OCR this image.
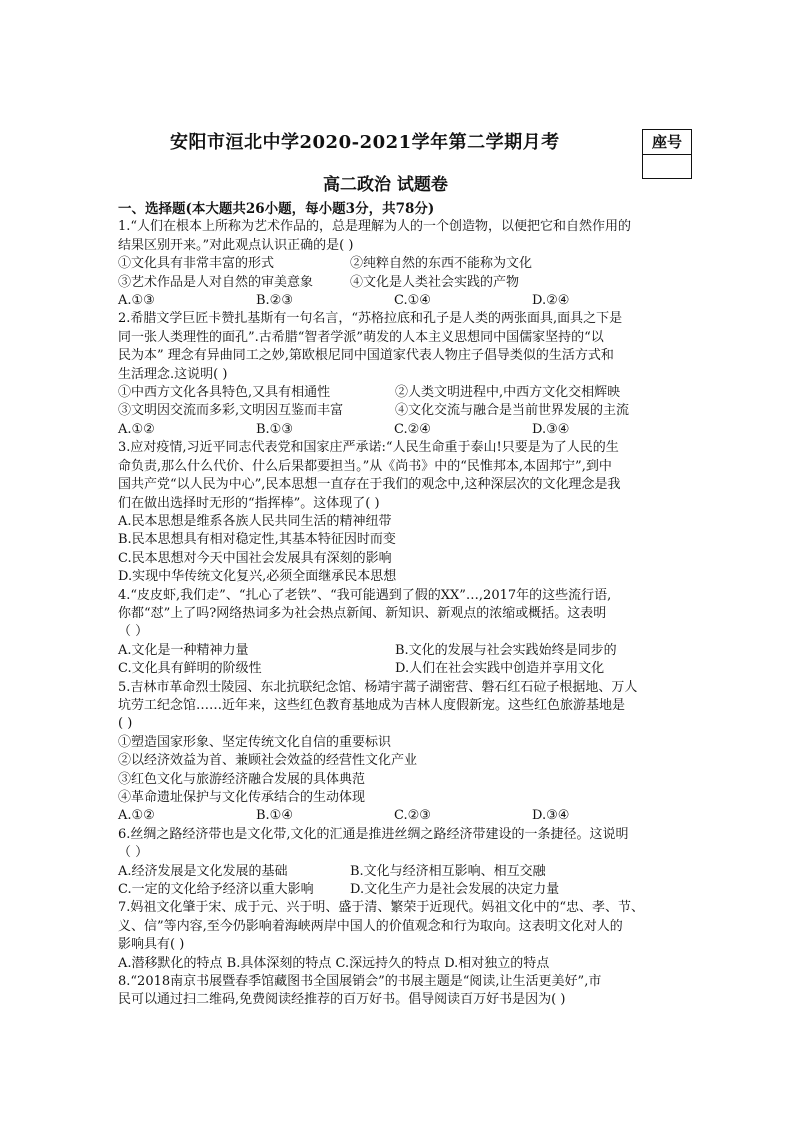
安阳市洹北中学2020-2021学年第二学期月考
高二政治 试题卷
一、选择题(本大题共26小题，每小题3分，共78分)
1.“人们在根本上所称为艺术作品的，总是理解为人的一个创造物，以便把它和自然作用的
结果区别开来。”对此观点认识正确的是( )
①文化具有非常丰富的形式	②纯粹自然的东西不能称为文化
③艺术作品是人对自然的审美意象	④文化是人类社会实践的产物
A.①③	B.②③	C.①④	D.②④
2.希腊文学巨匠卡赞扎基斯有一句名言，“苏格拉底和孔子是人类的两张面具,面具之下是
同一张人类理性的面孔”.古希腊“智者学派”萌发的人本主义思想同中国儒家坚持的“以
民为本” 理念有异曲同工之妙,第欧根尼同中国道家代表人物庄子倡导类似的生活方式和
生活理念.这说明( )
①中西方文化各具特色,又具有相通性	②人类文明进程中,中西方文化交相辉映
③文明因交流而多彩,文明因互鉴而丰富	④文化交流与融合是当前世界发展的主流
A.①②	B.①③	C.②④	D.③④
3.应对疫情,习近平同志代表党和国家庄严承诺:“人民生命重于泰山!只要是为了人民的生
命负责,那么什么代价、什么后果都要担当。”从《尚书》中的“民惟邦本,本固邦宁”,到中
国共产党“以人民为中心”,民本思想一直存在于我们的观念中,这种深层次的文化理念是我
们在做出选择时无形的“指挥棒”。这体现了( )
A.民本思想是维系各族人民共同生活的精神纽带
B.民本思想具有相对稳定性,其基本特征因时而变
C.民本思想对今天中国社会发展具有深刻的影响
D.实现中华传统文化复兴,必须全面继承民本思想
4.“皮皮虾,我们走”、“扎心了老铁”、“我可能遇到了假的XX”…,2017年的这些流行语,
你都“怼”上了吗?网络热词多为社会热点新闻、新知识、新观点的浓缩或概括。这表明
（ ）
A.文化是一种精神力量	B.文化的发展与社会实践始终是同步的
C.文化具有鲜明的阶级性	D.人们在社会实践中创造并享用文化
5.吉林市革命烈士陵园、东北抗联纪念馆、杨靖宇蒿子湖密营、磐石红石砬子根据地、万人
坑劳工纪念馆……近年来，这些红色教育基地成为吉林人度假新宠。这些红色旅游基地是
( )
①塑造国家形象、坚定传统文化自信的重要标识
②以经济效益为首、兼顾社会效益的经营性文化产业
③红色文化与旅游经济融合发展的具体典范
④革命遗址保护与文化传承结合的生动体现
A.①②	B.①④	C.②③	D.③④
6.丝绸之路经济带也是文化带,文化的汇通是推进丝绸之路经济带建设的一条捷径。这说明
（ ）
A.经济发展是文化发展的基础	B.文化与经济相互影响、相互交融
C.一定的文化给予经济以重大影响	D.文化生产力是社会发展的决定力量
7.妈祖文化肇于宋、成于元、兴于明、盛于清、繁荣于近现代。妈祖文化中的“忠、孝、节、
义、信”等内容,至今仍影响着海峡两岸中国人的价值观念和行为取向。这表明文化对人的
影响具有( )
A.潜移默化的特点 B.具体深刻的特点 C.深远持久的特点 D.相对独立的特点
8.“2018南京书展暨春季馆藏图书全国展销会”的书展主题是“阅读,让生活更美好”,市
民可以通过扫二维码,免费阅读经推荐的百万好书。倡导阅读百万好书是因为( )
座号
